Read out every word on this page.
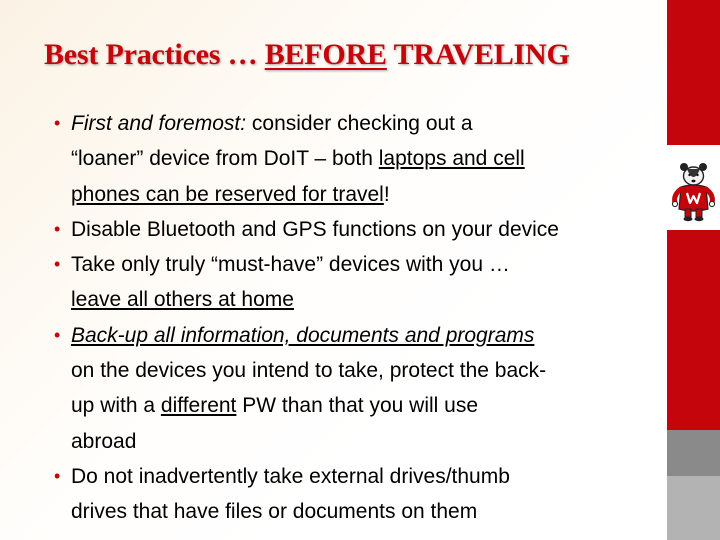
Best Practices … BEFORE TRAVELING
• First and foremost: consider checking out a
“loaner” device from DoIT – both laptops and cell
phones can be reserved for travel!
• Disable Bluetooth and GPS functions on your device
• Take only truly “must-have” devices with you …
leave all others at home
• Back-up all information, documents and programs
on the devices you intend to take, protect the back-
up with a different PW than that you will use
abroad
• Do not inadvertently take external drives/thumb
drives that have files or documents on them
